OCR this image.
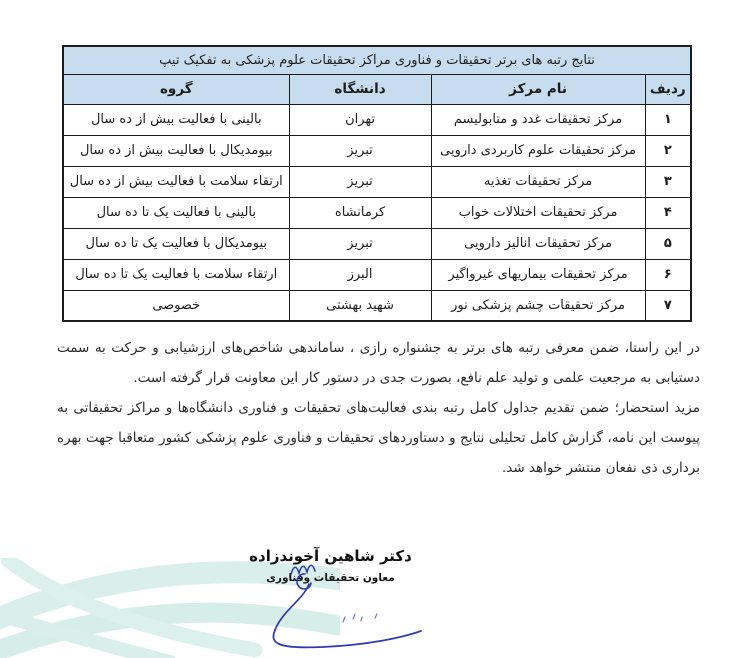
نتایج رتبه های برتر تحقیقات و فناوری مراکز تحقیقات علوم پزشکی به تفکیک تیپ			
ردیف	نام مرکز	دانشگاه	گروه
۱	مرکز تحقیقات غدد و متابولیسم	تهران	بالینی با فعالیت بیش از ده سال
۲	مرکز تحقیقات علوم کاربردی دارویی	تبریز	بیومدیکال با فعالیت بیش از ده سال
۳	مرکز تحقیقات تغذیه	تبریز	ارتقاء سلامت با فعالیت بیش از ده سال
۴	مرکز تحقیقات اختلالات خواب	کرمانشاه	بالینی با فعالیت یک تا ده سال
۵	مرکز تحقیقات انالیز دارویی	تبریز	بیومدیکال با فعالیت یک تا ده سال
۶	مرکز تحقیقات بیماریهای غیرواگیر	البرز	ارتقاء سلامت با فعالیت یک تا ده سال
۷	مرکز تحقیقات چشم پزشکی نور	شهید بهشتی	خصوصی

در این راستا، ضمن معرفی رتبه های برتر به جشنواره رازی ، ساماندهی شاخص‌های ارزشیابی و حرکت به سمت دستیابی به مرجعیت علمی و تولید علم نافع، بصورت جدی در دستور کار این معاونت قرار گرفته است.

مزید استحضار؛ ضمن تقدیم جداول کامل رتبه بندی فعالیت‌های تحقیقات و فناوری دانشگاه‌ها و مراکز تحقیقاتی به پیوست این نامه، گزارش کامل تحلیلی نتایج و دستاوردهای تحقیقات و فناوری علوم پزشکی کشور متعاقبا جهت بهره برداری ذی نفعان منتشر خواهد شد.

دکتر شاهین آخوندزاده
معاون تحقیقات وفناوری
